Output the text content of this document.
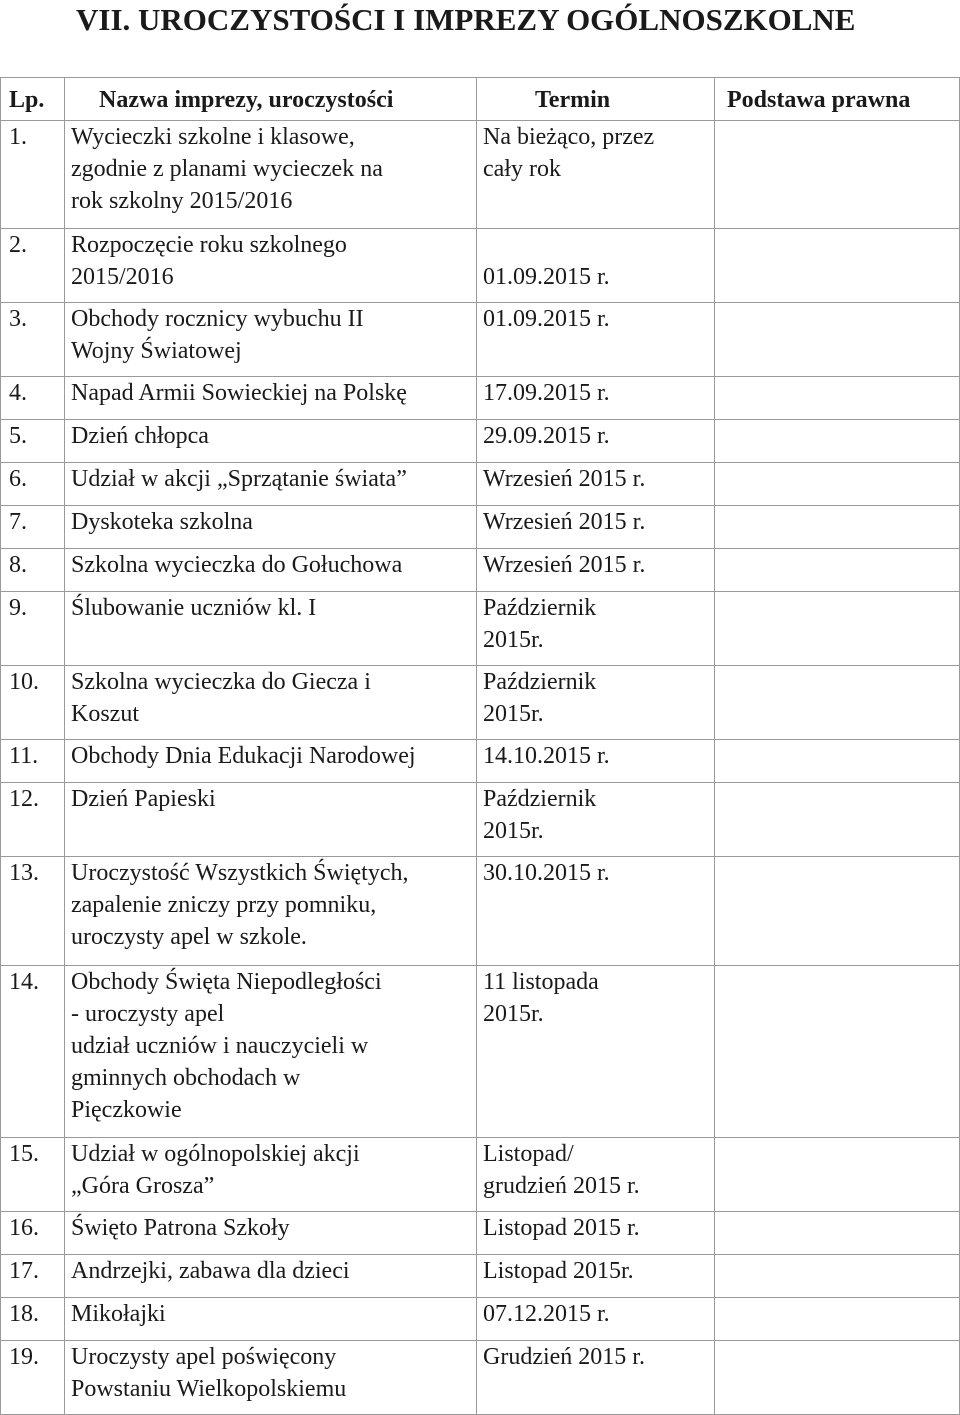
VII. UROCZYSTOŚCI I IMPREZY OGÓLNOSZKOLNE
Lp.	Nazwa imprezy, uroczystości	Termin	Podstawa prawna

1.	Wycieczki szkolne i klasowe,
zgodnie z planami wycieczek na
rok szkolny 2015/2016	Na bieżąco, przez
cały rok	

2.	Rozpoczęcie roku szkolnego
2015/2016	
01.09.2015 r.	

3.	Obchody rocznicy wybuchu II
Wojny Światowej	01.09.2015 r.	

4.	Napad Armii Sowieckiej na Polskę	17.09.2015 r.	

5.	Dzień chłopca	29.09.2015 r.	

6.	Udział w akcji „Sprzątanie świata”	Wrzesień 2015 r.	

7.	Dyskoteka szkolna	Wrzesień 2015 r.	

8.	Szkolna wycieczka do Gołuchowa	Wrzesień 2015 r.	

9.	Ślubowanie uczniów kl. I	Październik
2015r.	

10.	Szkolna wycieczka do Giecza i
Koszut	Październik
2015r.	

11.	Obchody Dnia Edukacji Narodowej	14.10.2015 r.	

12.	Dzień Papieski	Październik
2015r.	

13.	Uroczystość Wszystkich Świętych,
zapalenie zniczy przy pomniku,
uroczysty apel w szkole.	30.10.2015 r.	

14.	Obchody Święta Niepodległości
- uroczysty apel
udział uczniów i nauczycieli w
gminnych obchodach w
Pięczkowie	11 listopada
2015r.	

15.	Udział w ogólnopolskiej akcji
„Góra Grosza”	Listopad/
grudzień 2015 r.	

16.	Święto Patrona Szkoły	Listopad 2015 r.	

17.	Andrzejki, zabawa dla dzieci	Listopad 2015r.	

18.	Mikołajki	07.12.2015 r.	

19.	Uroczysty apel poświęcony
Powstaniu Wielkopolskiemu	Grudzień 2015 r.	
